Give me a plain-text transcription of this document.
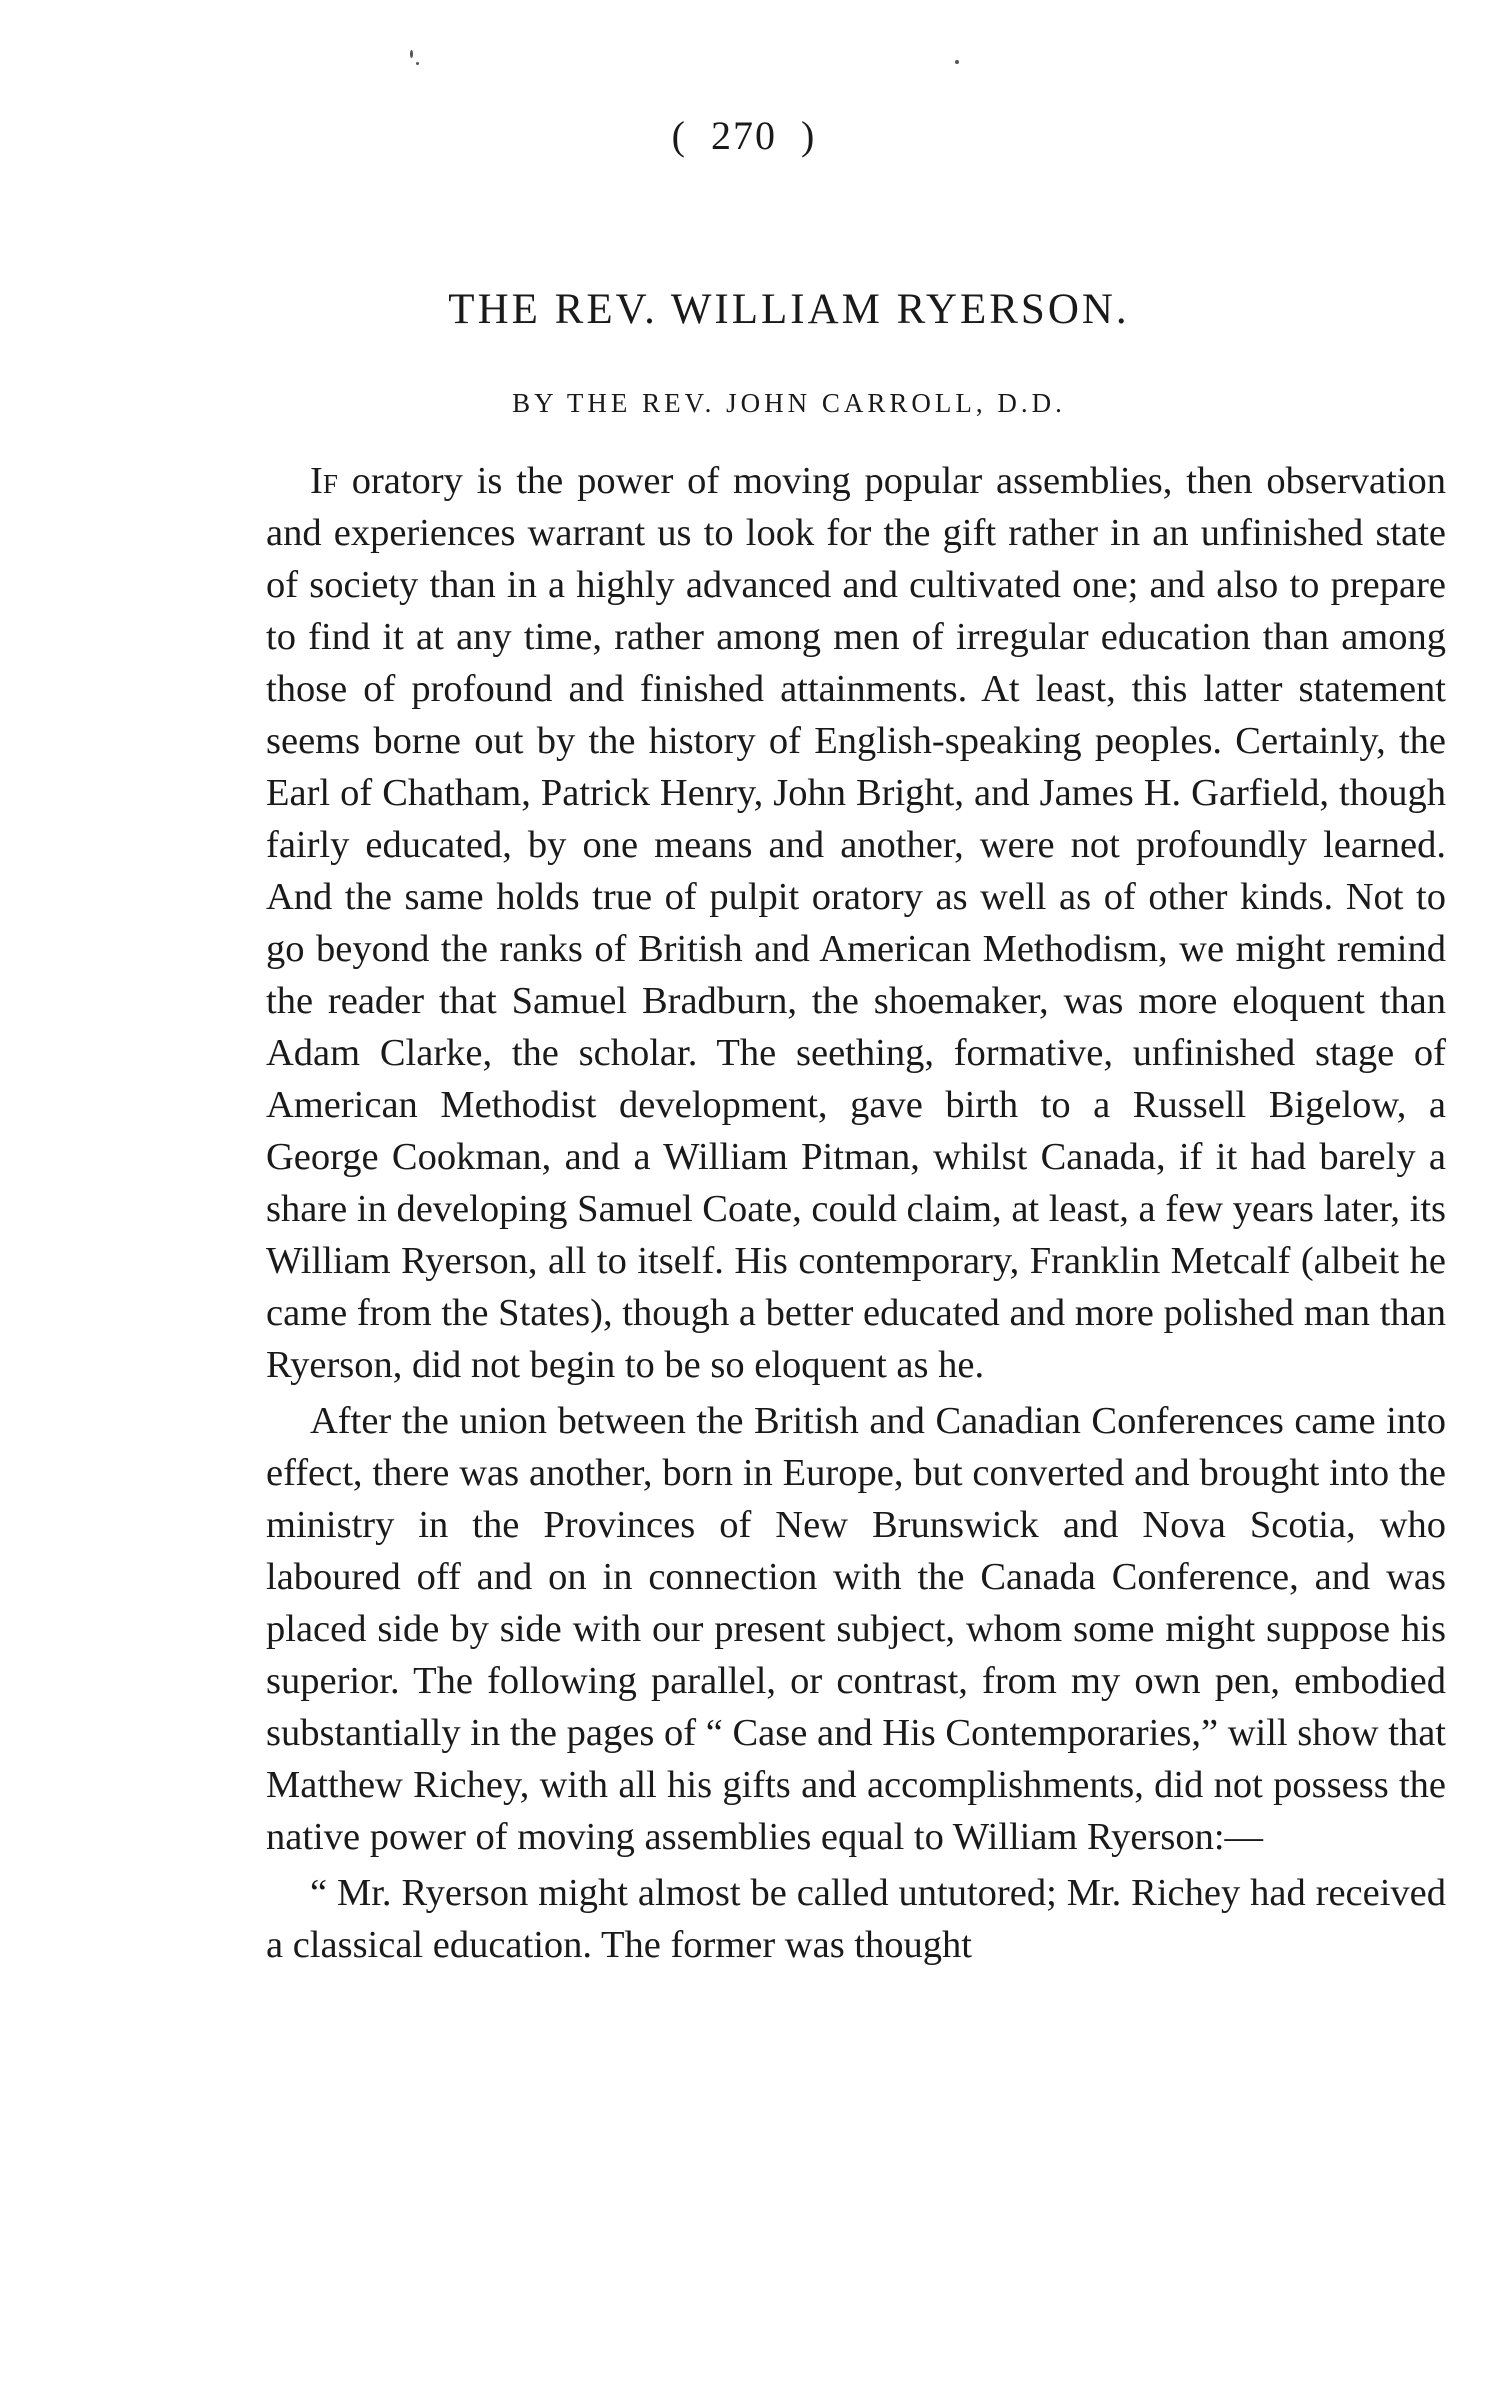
( 270 )
THE REV. WILLIAM RYERSON.
BY THE REV. JOHN CARROLL, D.D.

If oratory is the power of moving popular assemblies, then observation and experiences warrant us to look for the gift rather in an unfinished state of society than in a highly advanced and cultivated one; and also to prepare to find it at any time, rather among men of irregular education than among those of profound and finished attainments. At least, this latter statement seems borne out by the history of English-speaking peoples. Certainly, the Earl of Chatham, Patrick Henry, John Bright, and James H. Garfield, though fairly educated, by one means and another, were not profoundly learned. And the same holds true of pulpit oratory as well as of other kinds. Not to go beyond the ranks of British and American Methodism, we might remind the reader that Samuel Bradburn, the shoemaker, was more eloquent than Adam Clarke, the scholar. The seething, formative, unfinished stage of American Methodist development, gave birth to a Russell Bigelow, a George Cookman, and a William Pitman, whilst Canada, if it had barely a share in developing Samuel Coate, could claim, at least, a few years later, its William Ryerson, all to itself. His contemporary, Franklin Metcalf (albeit he came from the States), though a better educated and more polished man than Ryerson, did not begin to be so eloquent as he.

After the union between the British and Canadian Conferences came into effect, there was another, born in Europe, but converted and brought into the ministry in the Provinces of New Brunswick and Nova Scotia, who laboured off and on in connection with the Canada Conference, and was placed side by side with our present subject, whom some might suppose his superior. The following parallel, or contrast, from my own pen, embodied substantially in the pages of “ Case and His Contemporaries,” will show that Matthew Richey, with all his gifts and accomplishments, did not possess the native power of moving assemblies equal to William Ryerson:—

“ Mr. Ryerson might almost be called untutored; Mr. Richey had received a classical education. The former was thought
